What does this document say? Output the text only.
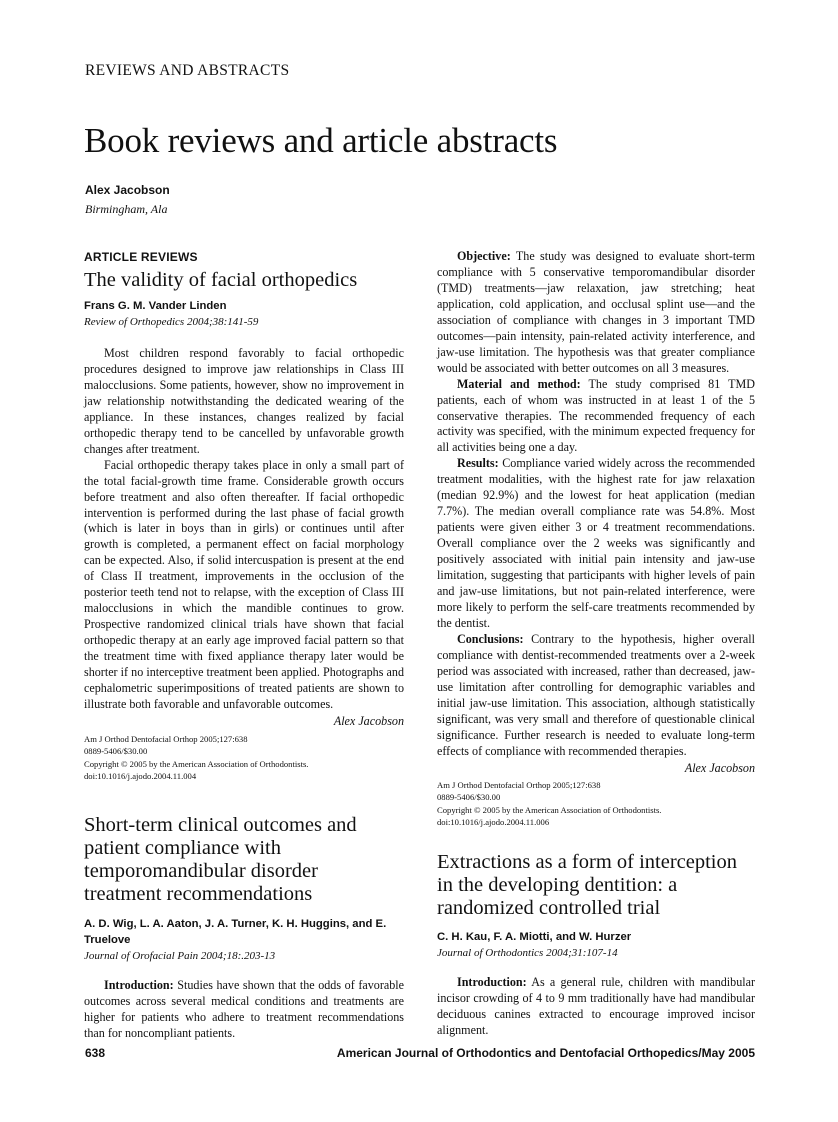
REVIEWS AND ABSTRACTS
Book reviews and article abstracts
Alex Jacobson
Birmingham, Ala
ARTICLE REVIEWS
The validity of facial orthopedics
Frans G. M. Vander Linden
Review of Orthopedics 2004;38:141-59

Most children respond favorably to facial orthopedic procedures designed to improve jaw relationships in Class III malocclusions. Some patients, however, show no improvement in jaw relationship notwithstanding the dedicated wearing of the appliance. In these instances, changes realized by facial orthopedic therapy tend to be cancelled by unfavorable growth changes after treatment.

Facial orthopedic therapy takes place in only a small part of the total facial-growth time frame. Considerable growth occurs before treatment and also often thereafter. If facial orthopedic intervention is performed during the last phase of facial growth (which is later in boys than in girls) or continues until after growth is completed, a permanent effect on facial morphology can be expected. Also, if solid intercuspation is present at the end of Class II treatment, improvements in the occlusion of the posterior teeth tend not to relapse, with the exception of Class III malocclusions in which the mandible continues to grow. Prospective randomized clinical trials have shown that facial orthopedic therapy at an early age improved facial pattern so that the treatment time with fixed appliance therapy later would be shorter if no interceptive treatment been applied. Photographs and cephalometric superimpositions of treated patients are shown to illustrate both favorable and unfavorable outcomes.

Alex Jacobson
Am J Orthod Dentofacial Orthop 2005;127:638
0889-5406/$30.00
Copyright © 2005 by the American Association of Orthodontists.
doi:10.1016/j.ajodo.2004.11.004
Short-term clinical outcomes and patient compliance with temporomandibular disorder treatment recommendations
A. D. Wig, L. A. Aaton, J. A. Turner, K. H. Huggins, and E. Truelove
Journal of Orofacial Pain 2004;18:.203-13

Introduction: Studies have shown that the odds of favorable outcomes across several medical conditions and treatments are higher for patients who adhere to treatment recommendations than for noncompliant patients.

Objective: The study was designed to evaluate short-term compliance with 5 conservative temporomandibular disorder (TMD) treatments—jaw relaxation, jaw stretching; heat application, cold application, and occlusal splint use—and the association of compliance with changes in 3 important TMD outcomes—pain intensity, pain-related activity interference, and jaw-use limitation. The hypothesis was that greater compliance would be associated with better outcomes on all 3 measures.

Material and method: The study comprised 81 TMD patients, each of whom was instructed in at least 1 of the 5 conservative therapies. The recommended frequency of each activity was specified, with the minimum expected frequency for all activities being one a day.

Results: Compliance varied widely across the recommended treatment modalities, with the highest rate for jaw relaxation (median 92.9%) and the lowest for heat application (median 7.7%). The median overall compliance rate was 54.8%. Most patients were given either 3 or 4 treatment recommendations. Overall compliance over the 2 weeks was significantly and positively associated with initial pain intensity and jaw-use limitation, suggesting that participants with higher levels of pain and jaw-use limitations, but not pain-related interference, were more likely to perform the self-care treatments recommended by the dentist.

Conclusions: Contrary to the hypothesis, higher overall compliance with dentist-recommended treatments over a 2-week period was associated with increased, rather than decreased, jaw-use limitation after controlling for demographic variables and initial jaw-use limitation. This association, although statistically significant, was very small and therefore of questionable clinical significance. Further research is needed to evaluate long-term effects of compliance with recommended therapies.

Alex Jacobson
Am J Orthod Dentofacial Orthop 2005;127:638
0889-5406/$30.00
Copyright © 2005 by the American Association of Orthodontists.
doi:10.1016/j.ajodo.2004.11.006
Extractions as a form of interception in the developing dentition: a randomized controlled trial
C. H. Kau, F. A. Miotti, and W. Hurzer
Journal of Orthodontics 2004;31:107-14

Introduction: As a general rule, children with mandibular incisor crowding of 4 to 9 mm traditionally have had mandibular deciduous canines extracted to encourage improved incisor alignment.

638	American Journal of Orthodontics and Dentofacial Orthopedics/May 2005
